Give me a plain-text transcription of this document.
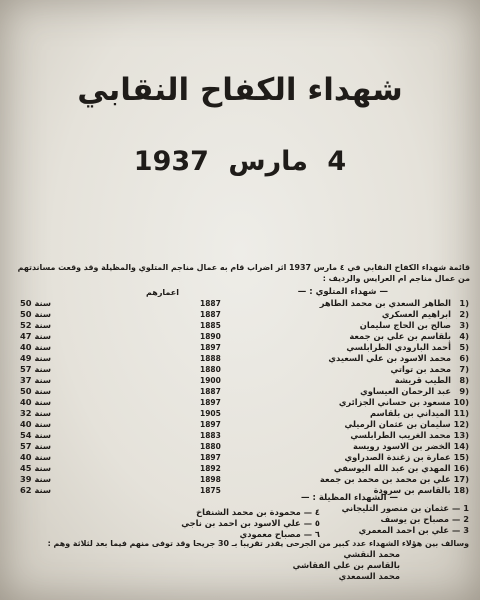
شهداء الكفاح النقابي
4 مارس 1937
قائمة شهداء الكفاح النقابي في ٤ مارس 1937 اثر اضراب قام به عمال مناجم المتلوي والمظيلة وقد وقعت مساندتهم
من عمال مناجم ام العرايس والرديف :
— شهداء المتلوي : —
اعمارهم
1)الطاهر السعدي بن محمد الطاهر
1887
50 سنة
2)ابراهيم العسكري
1887
50 سنة
3)صالح بن الحاج سليمان
1885
52 سنة
4)بلقاسم بن علي بن جمعة
1890
47 سنة
5)أحمد البارودي الطرابلسي
1897
40 سنة
6)محمد الاسود بن علي السعيدي
1888
49 سنة
7)محمد بن تواتي
1880
57 سنة
8)الطيب قريشة
1900
37 سنة
9)عبد الرحمان العيساوي
1887
50 سنة
10)مسعود بن حساني الجزائري
1897
40 سنة
11)الميداني بن بلقاسم
1905
32 سنة
12)سليمان بن عثمان الرميلي
1897
40 سنة
13)محمد الغريب الطرابلسي
1883
54 سنة
14)الخضر بن الاسود رويسة
1880
57 سنة
15)عمارة بن زغندة الصدراوي
1897
40 سنة
16)المهدي بن عبد الله اليوسفي
1892
45 سنة
17)علي بن محمد بن محمد بن جمعة
1898
39 سنة
18)بالقاسم بن سرودة
1875
62 سنة
— الشهداء المظيلة : —
1 —عثمان بن منصور التليجاني
2 —مصباح بن يوسف
3 —علي بن احمد المعمري
٤ —محمودة بن محمد الشنفاخ
٥ —علي الاسود بن احمد بن ناجي
٦ —مصباح معمودي
وسالف بين هؤلاء الشهداء عدد كبير من الجرحى يقدر تقريبا بـ 30 جريحا وقد توفى منهم فيما بعد لثلاثة وهم :
محمد النقشي
بالقاسم بن علي الفقاشي
محمد السمعدي
